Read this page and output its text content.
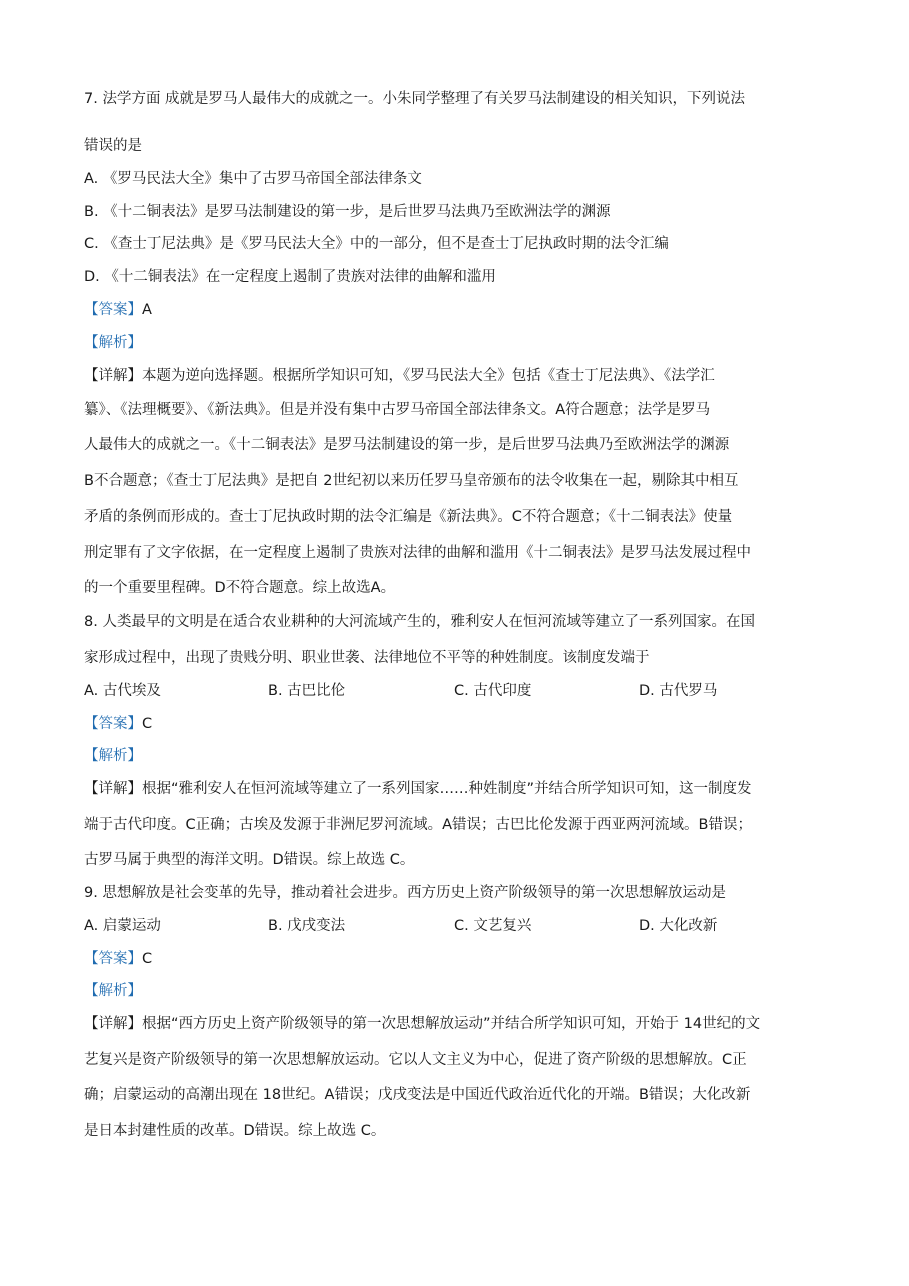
7. 法学方面 成就是罗马人最伟大的成就之一。小朱同学整理了有关罗马法制建设的相关知识，下列说法
错误的是
A. 《罗马民法大全》集中了古罗马帝国全部法律条文
B. 《十二铜表法》是罗马法制建设的第一步，是后世罗马法典乃至欧洲法学的渊源
C. 《查士丁尼法典》是《罗马民法大全》中的一部分，但不是查士丁尼执政时期的法令汇编
D. 《十二铜表法》在一定程度上遏制了贵族对法律的曲解和滥用
【答案】A
【解析】
【详解】本题为逆向选择题。根据所学知识可知，《罗马民法大全》包括《查士丁尼法典》、《法学汇
纂》、《法理概要》、《新法典》。但是并没有集中古罗马帝国全部法律条文。A符合题意；法学是罗马
人最伟大的成就之一。《十二铜表法》是罗马法制建设的第一步，是后世罗马法典乃至欧洲法学的渊源
B不合题意；《查士丁尼法典》是把自 2世纪初以来历任罗马皇帝颁布的法令收集在一起，剔除其中相互
矛盾的条例而形成的。查士丁尼执政时期的法令汇编是《新法典》。C不符合题意；《十二铜表法》使量
刑定罪有了文字依据，在一定程度上遏制了贵族对法律的曲解和滥用《十二铜表法》是罗马法发展过程中
的一个重要里程碑。D不符合题意。综上故选A。
8. 人类最早的文明是在适合农业耕种的大河流域产生的，雅利安人在恒河流域等建立了一系列国家。在国
家形成过程中，出现了贵贱分明、职业世袭、法律地位不平等的种姓制度。该制度发端于
A. 古代埃及	B. 古巴比伦	C. 古代印度	D. 古代罗马
【答案】C
【解析】
【详解】根据“雅利安人在恒河流域等建立了一系列国家……种姓制度”并结合所学知识可知，这一制度发
端于古代印度。C正确；古埃及发源于非洲尼罗河流域。A错误；古巴比伦发源于西亚两河流域。B错误；
古罗马属于典型的海洋文明。D错误。综上故选 C。
9. 思想解放是社会变革的先导，推动着社会进步。西方历史上资产阶级领导的第一次思想解放运动是
A. 启蒙运动	B. 戊戌变法	C. 文艺复兴	D. 大化改新
【答案】C
【解析】
【详解】根据“西方历史上资产阶级领导的第一次思想解放运动”并结合所学知识可知，开始于 14世纪的文
艺复兴是资产阶级领导的第一次思想解放运动。它以人文主义为中心，促进了资产阶级的思想解放。C正
确；启蒙运动的高潮出现在 18世纪。A错误；戊戌变法是中国近代政治近代化的开端。B错误；大化改新
是日本封建性质的改革。D错误。综上故选 C。
